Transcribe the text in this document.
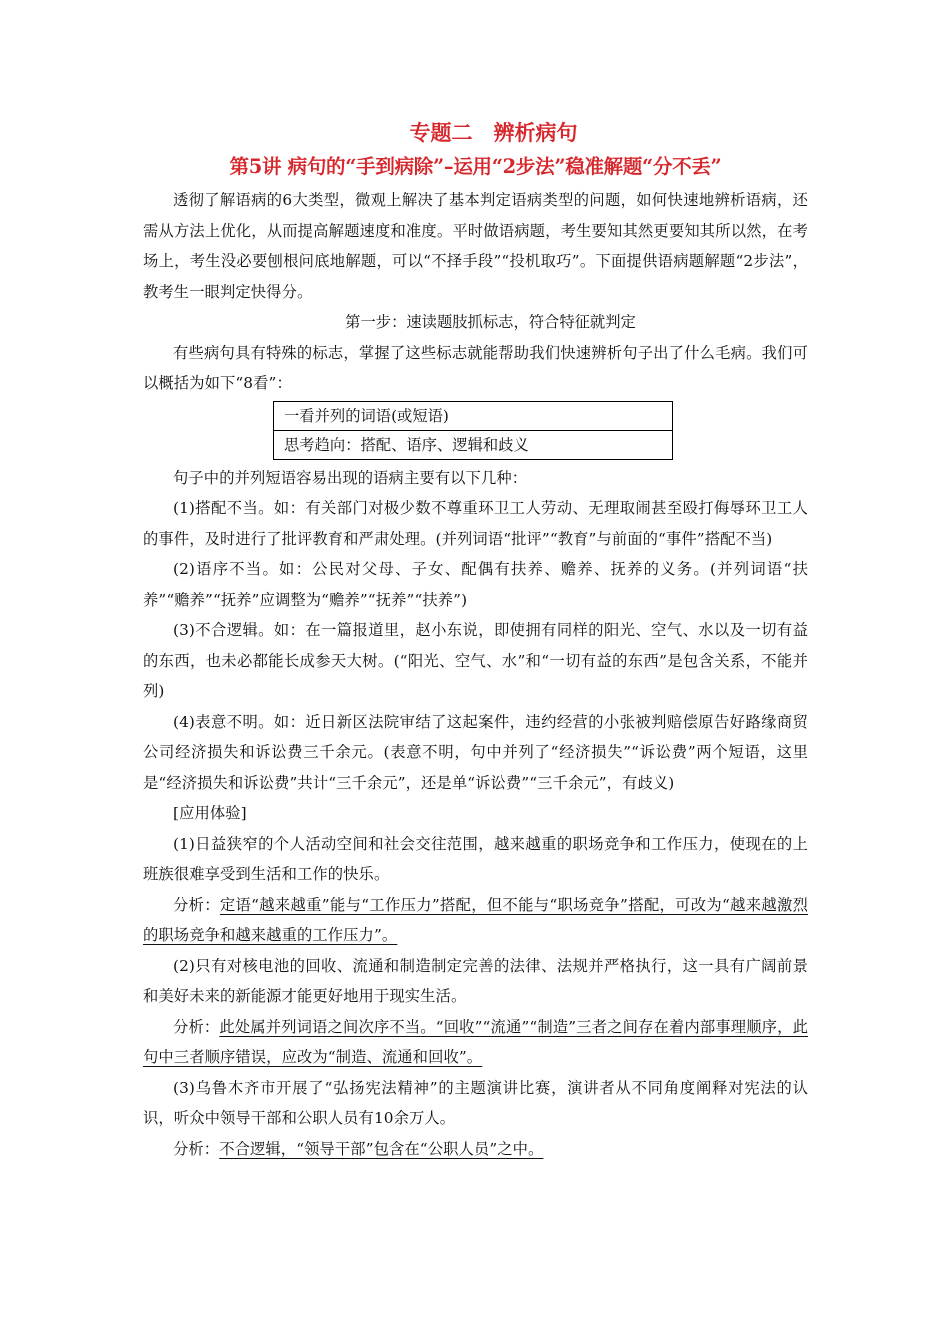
专题二　辨析病句
第5讲 病句的“手到病除”–运用“2步法”稳准解题“分不丢”

透彻了解语病的6大类型，微观上解决了基本判定语病类型的问题，如何快速地辨析语病，还需从方法上优化，从而提高解题速度和准度。平时做语病题，考生要知其然更要知其所以然，在考场上，考生没必要刨根问底地解题，可以“不择手段”“投机取巧”。下面提供语病题解题“2步法”，教考生一眼判定快得分。

第一步：速读题肢抓标志，符合特征就判定

有些病句具有特殊的标志，掌握了这些标志就能帮助我们快速辨析句子出了什么毛病。我们可以概括为如下“8看”：

一看并列的词语(或短语)
思考趋向：搭配、语序、逻辑和歧义

句子中的并列短语容易出现的语病主要有以下几种：

(1)搭配不当。如：有关部门对极少数不尊重环卫工人劳动、无理取闹甚至殴打侮辱环卫工人的事件，及时进行了批评教育和严肃处理。(并列词语“批评”“教育”与前面的“事件”搭配不当)

(2)语序不当。如：公民对父母、子女、配偶有扶养、赡养、抚养的义务。(并列词语“扶养”“赡养”“抚养”应调整为“赡养”“抚养”“扶养”)

(3)不合逻辑。如：在一篇报道里，赵小东说，即使拥有同样的阳光、空气、水以及一切有益的东西，也未必都能长成参天大树。(“阳光、空气、水”和“一切有益的东西”是包含关系，不能并列)

(4)表意不明。如：近日新区法院审结了这起案件，违约经营的小张被判赔偿原告好路缘商贸公司经济损失和诉讼费三千余元。(表意不明，句中并列了“经济损失”“诉讼费”两个短语，这里是“经济损失和诉讼费”共计“三千余元”，还是单“诉讼费”“三千余元”，有歧义)

[应用体验]

(1)日益狭窄的个人活动空间和社会交往范围，越来越重的职场竞争和工作压力，使现在的上班族很难享受到生活和工作的快乐。

分析：定语“越来越重”能与“工作压力”搭配，但不能与“职场竞争”搭配，可改为“越来越激烈的职场竞争和越来越重的工作压力”。

(2)只有对核电池的回收、流通和制造制定完善的法律、法规并严格执行，这一具有广阔前景和美好未来的新能源才能更好地用于现实生活。

分析：此处属并列词语之间次序不当。“回收”“流通”“制造”三者之间存在着内部事理顺序，此句中三者顺序错误，应改为“制造、流通和回收”。

(3)乌鲁木齐市开展了“弘扬宪法精神”的主题演讲比赛，演讲者从不同角度阐释对宪法的认识，听众中领导干部和公职人员有10余万人。

分析：不合逻辑，“领导干部”包含在“公职人员”之中。
